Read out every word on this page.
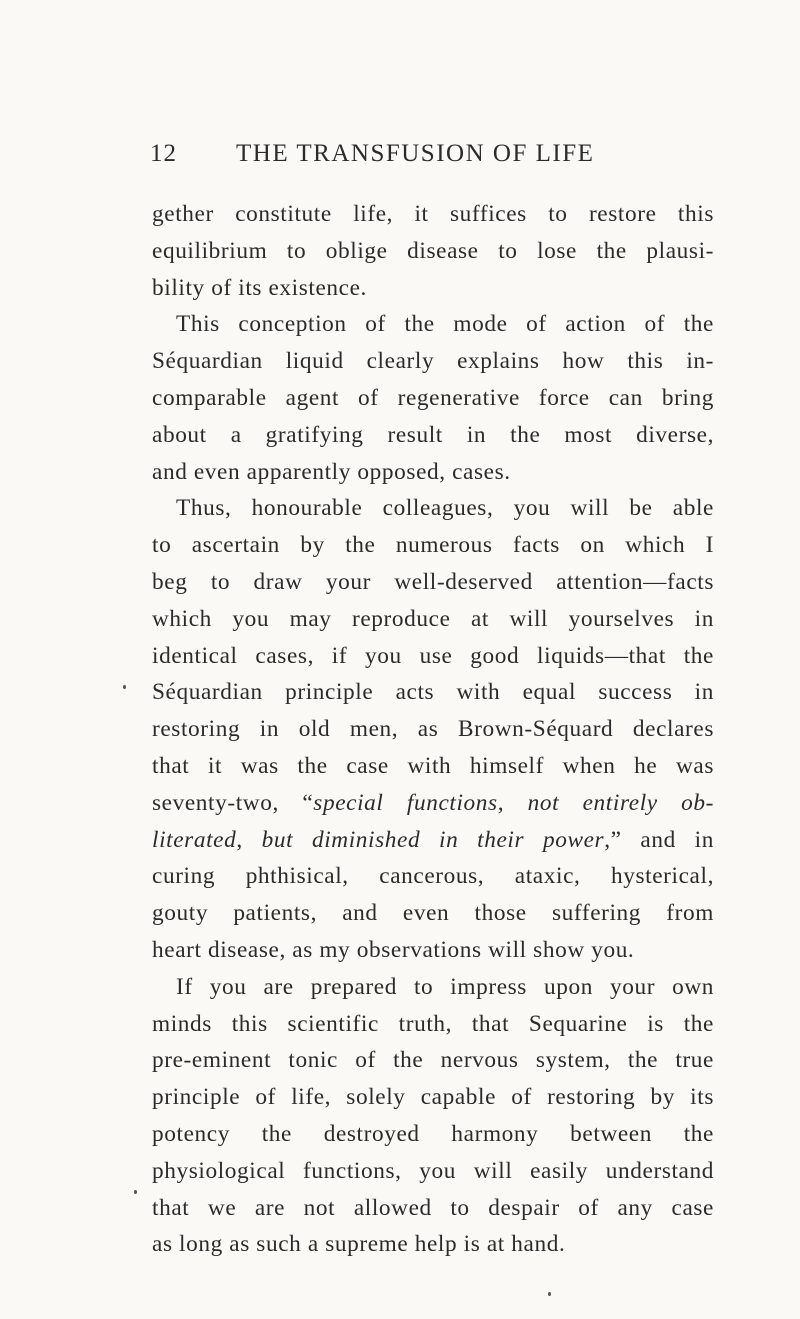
12 THE TRANSFUSION OF LIFE
gether constitute life, it suffices to restore this
equilibrium to oblige disease to lose the plausi-
bility of its existence.
This conception of the mode of action of the
Séquardian liquid clearly explains how this in-
comparable agent of regenerative force can bring
about a gratifying result in the most diverse,
and even apparently opposed, cases.
Thus, honourable colleagues, you will be able
to ascertain by the numerous facts on which I
beg to draw your well-deserved attention—facts
which you may reproduce at will yourselves in
identical cases, if you use good liquids—that the
Séquardian principle acts with equal success in
restoring in old men, as Brown-Séquard declares
that it was the case with himself when he was
seventy-two, “special functions, not entirely ob-
literated, but diminished in their power,” and in
curing phthisical, cancerous, ataxic, hysterical,
gouty patients, and even those suffering from
heart disease, as my observations will show you.
If you are prepared to impress upon your own
minds this scientific truth, that Sequarine is the
pre-eminent tonic of the nervous system, the true
principle of life, solely capable of restoring by its
potency the destroyed harmony between the
physiological functions, you will easily understand
that we are not allowed to despair of any case
as long as such a supreme help is at hand.
